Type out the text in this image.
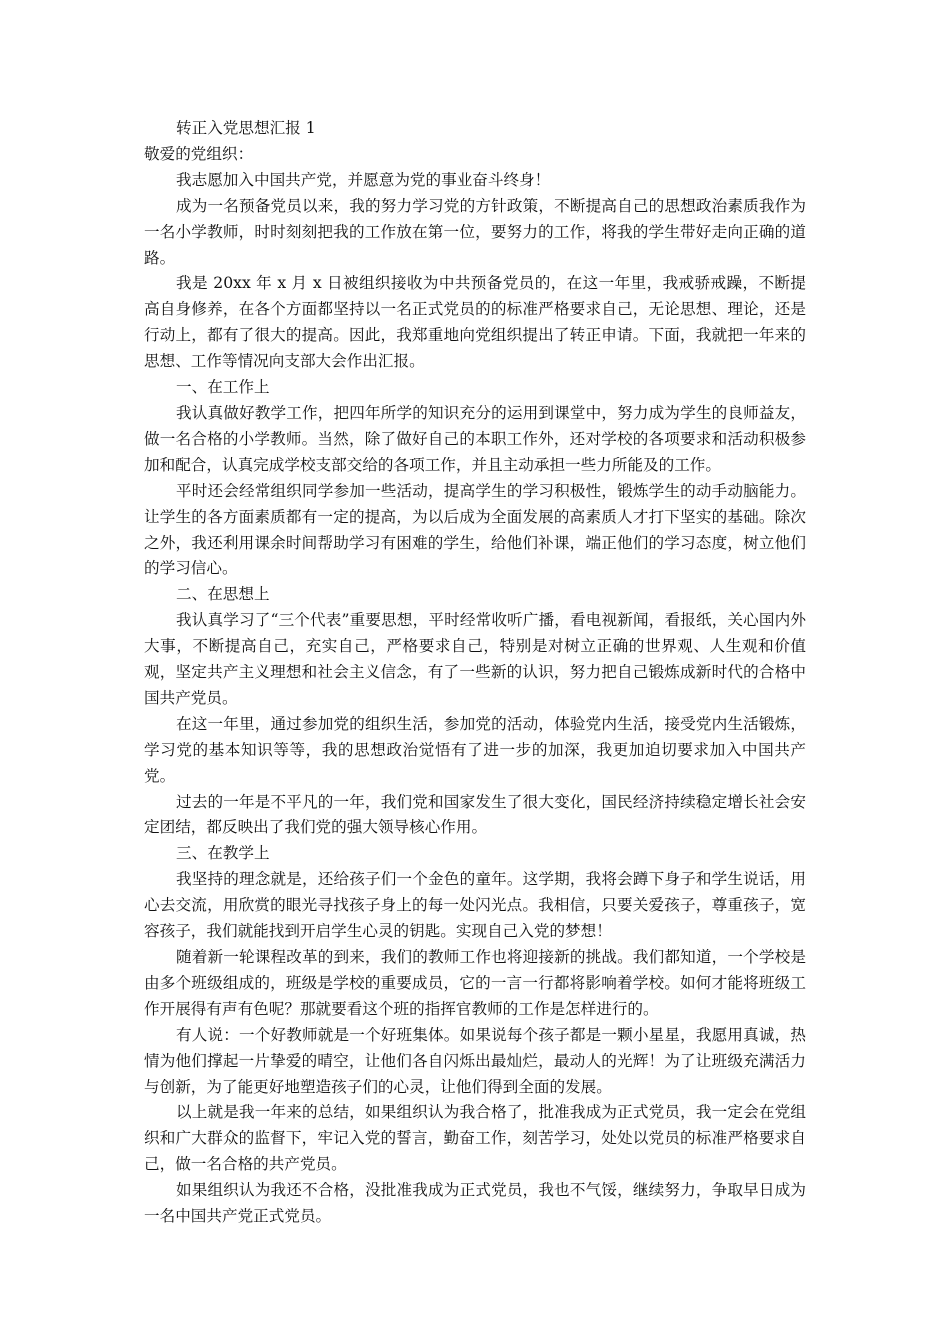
转正入党思想汇报 1

敬爱的党组织：

我志愿加入中国共产党，并愿意为党的事业奋斗终身！

成为一名预备党员以来，我的努力学习党的方针政策，不断提高自己的思想政治素质我作为一名小学教师，时时刻刻把我的工作放在第一位，要努力的工作，将我的学生带好走向正确的道路。

我是 20xx 年 x 月 x 日被组织接收为中共预备党员的，在这一年里，我戒骄戒躁，不断提高自身修养，在各个方面都坚持以一名正式党员的的标准严格要求自己，无论思想、理论，还是行动上，都有了很大的提高。因此，我郑重地向党组织提出了转正申请。下面，我就把一年来的思想、工作等情况向支部大会作出汇报。

一、在工作上

我认真做好教学工作，把四年所学的知识充分的运用到课堂中，努力成为学生的良师益友，做一名合格的小学教师。当然，除了做好自己的本职工作外，还对学校的各项要求和活动积极参加和配合，认真完成学校支部交给的各项工作，并且主动承担一些力所能及的工作。

平时还会经常组织同学参加一些活动，提高学生的学习积极性，锻炼学生的动手动脑能力。让学生的各方面素质都有一定的提高，为以后成为全面发展的高素质人才打下坚实的基础。除次之外，我还利用课余时间帮助学习有困难的学生，给他们补课，端正他们的学习态度，树立他们的学习信心。

二、在思想上

我认真学习了“三个代表”重要思想，平时经常收听广播，看电视新闻，看报纸，关心国内外大事，不断提高自己，充实自己，严格要求自己，特别是对树立正确的世界观、人生观和价值观，坚定共产主义理想和社会主义信念，有了一些新的认识，努力把自己锻炼成新时代的合格中国共产党员。

在这一年里，通过参加党的组织生活，参加党的活动，体验党内生活，接受党内生活锻炼，学习党的基本知识等等，我的思想政治觉悟有了进一步的加深，我更加迫切要求加入中国共产党。

过去的一年是不平凡的一年，我们党和国家发生了很大变化，国民经济持续稳定增长社会安定团结，都反映出了我们党的强大领导核心作用。

三、在教学上

我坚持的理念就是，还给孩子们一个金色的童年。这学期，我将会蹲下身子和学生说话，用心去交流，用欣赏的眼光寻找孩子身上的每一处闪光点。我相信，只要关爱孩子，尊重孩子，宽容孩子，我们就能找到开启学生心灵的钥匙。实现自己入党的梦想！

随着新一轮课程改革的到来，我们的教师工作也将迎接新的挑战。我们都知道，一个学校是由多个班级组成的，班级是学校的重要成员，它的一言一行都将影响着学校。如何才能将班级工作开展得有声有色呢？那就要看这个班的指挥官教师的工作是怎样进行的。

有人说：一个好教师就是一个好班集体。如果说每个孩子都是一颗小星星，我愿用真诚，热情为他们撑起一片挚爱的晴空，让他们各自闪烁出最灿烂，最动人的光辉！为了让班级充满活力与创新，为了能更好地塑造孩子们的心灵，让他们得到全面的发展。

以上就是我一年来的总结，如果组织认为我合格了，批准我成为正式党员，我一定会在党组织和广大群众的监督下，牢记入党的誓言，勤奋工作，刻苦学习，处处以党员的标准严格要求自己，做一名合格的共产党员。

如果组织认为我还不合格，没批准我成为正式党员，我也不气馁，继续努力，争取早日成为一名中国共产党正式党员。
